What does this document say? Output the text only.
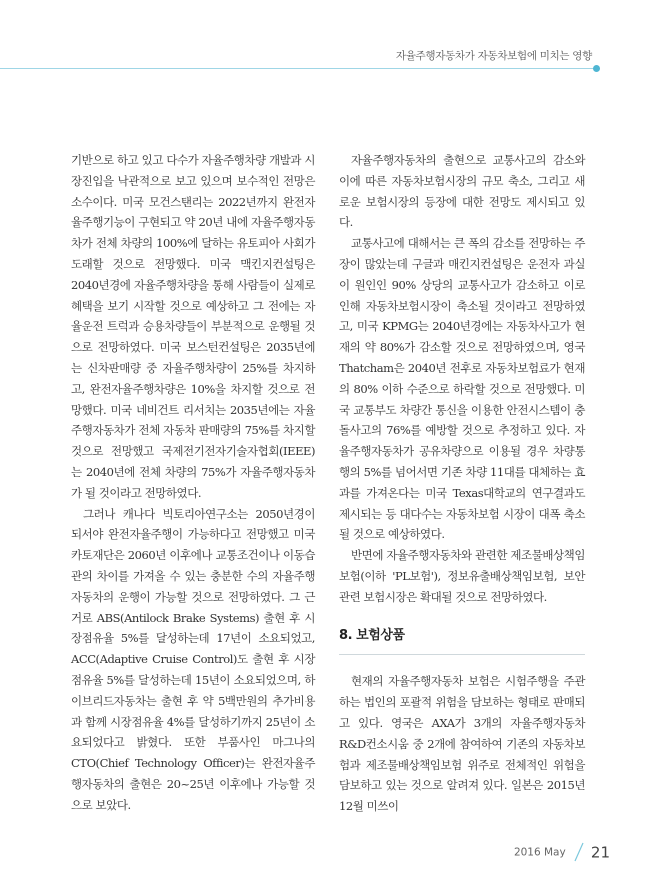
자율주행자동차가 자동차보험에 미치는 영향

기반으로 하고 있고 다수가 자율주행차량 개발과 시장진입을 낙관적으로 보고 있으며 보수적인 전망은 소수이다. 미국 모건스탠리는 2022년까지 완전자율주행기능이 구현되고 약 20년 내에 자율주행자동차가 전체 차량의 100%에 달하는 유토피아 사회가 도래할 것으로 전망했다. 미국 맥킨지컨설팅은 2040년경에 자율주행차량을 통해 사람들이 실제로 혜택을 보기 시작할 것으로 예상하고 그 전에는 자율운전 트럭과 승용차량들이 부분적으로 운행될 것으로 전망하였다. 미국 보스턴컨설팅은 2035년에는 신차판매량 중 자율주행차량이 25%를 차지하고, 완전자율주행차량은 10%을 차지할 것으로 전망했다. 미국 네비건트 리서치는 2035년에는 자율주행자동차가 전체 자동차 판매량의 75%를 차지할 것으로 전망했고 국제전기전자기술자협회(IEEE)는 2040년에 전체 차량의 75%가 자율주행자동차가 될 것이라고 전망하였다.

그러나 캐나다 빅토리아연구소는 2050년경이 되서야 완전자율주행이 가능하다고 전망했고 미국 카토재단은 2060년 이후에나 교통조건이나 이동습관의 차이를 가져올 수 있는 충분한 수의 자율주행자동차의 운행이 가능할 것으로 전망하였다. 그 근거로 ABS(Antilock Brake Systems) 출현 후 시장점유율 5%를 달성하는데 17년이 소요되었고, ACC(Adaptive Cruise Control)도 출현 후 시장점유율 5%를 달성하는데 15년이 소요되었으며, 하이브리드자동차는 출현 후 약 5백만원의 추가비용과 함께 시장점유율 4%를 달성하기까지 25년이 소요되었다고 밝혔다. 또한 부품사인 마그나의 CTO(Chief Technology Officer)는 완전자율주행자동차의 출현은 20~25년 이후에나 가능할 것으로 보았다.

자율주행자동차의 출현으로 교통사고의 감소와 이에 따른 자동차보험시장의 규모 축소, 그리고 새로운 보험시장의 등장에 대한 전망도 제시되고 있다.

교통사고에 대해서는 큰 폭의 감소를 전망하는 주장이 많았는데 구글과 매킨지컨설팅은 운전자 과실이 원인인 90% 상당의 교통사고가 감소하고 이로 인해 자동차보험시장이 축소될 것이라고 전망하였고, 미국 KPMG는 2040년경에는 자동차사고가 현재의 약 80%가 감소할 것으로 전망하였으며, 영국 Thatcham은 2040년 전후로 자동차보험료가 현재의 80% 이하 수준으로 하락할 것으로 전망했다. 미국 교통부도 차량간 통신을 이용한 안전시스템이 충돌사고의 76%를 예방할 것으로 추정하고 있다. 자율주행자동차가 공유차량으로 이용될 경우 차량통행의 5%를 넘어서면 기존 차량 11대를 대체하는 효과를 가져온다는 미국 Texas대학교의 연구결과도 제시되는 등 대다수는 자동차보험 시장이 대폭 축소될 것으로 예상하였다.

반면에 자율주행자동차와 관련한 제조물배상책임보험(이하 'PL보험'), 정보유출배상책임보험, 보안관련 보험시장은 확대될 것으로 전망하였다.

8. 보험상품

현재의 자율주행자동차 보험은 시험주행을 주관하는 법인의 포괄적 위험을 담보하는 형태로 판매되고 있다. 영국은 AXA가 3개의 자율주행자동차 R&D컨소시움 중 2개에 참여하여 기존의 자동차보험과 제조물배상책임보험 위주로 전체적인 위험을 담보하고 있는 것으로 알려져 있다. 일본은 2015년 12월 미쓰이

2016 May 21
